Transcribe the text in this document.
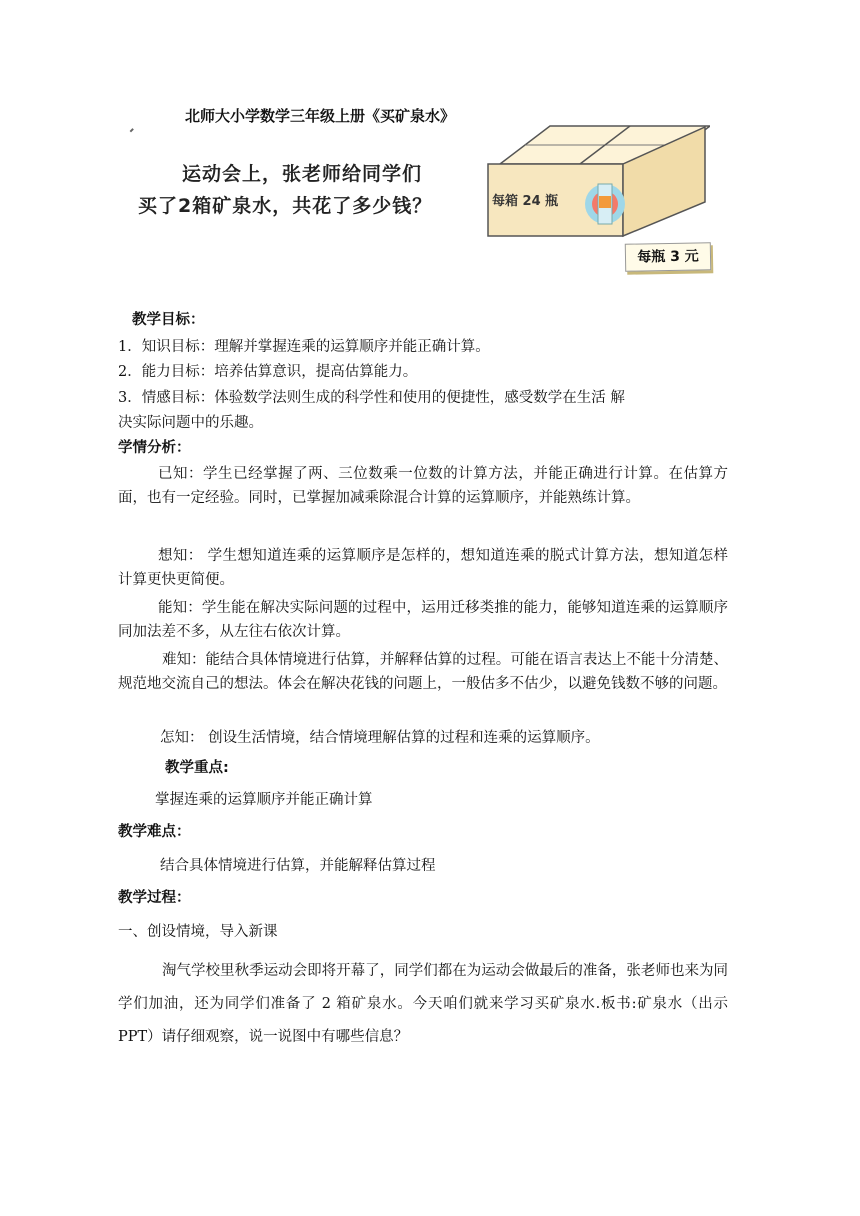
北师大小学数学三年级上册《买矿泉水》
运动会上，张老师给同学们
买了2箱矿泉水，共花了多少钱？	每箱 24 瓶
每瓶 3 元
教学目标：
1．知识目标：理解并掌握连乘的运算顺序并能正确计算。
2．能力目标：培养估算意识，提高估算能力。
3．情感目标：体验数学法则生成的科学性和使用的便捷性，感受数学在生活 解
决实际问题中的乐趣。
学情分析：
已知：学生已经掌握了两、三位数乘一位数的计算方法，并能正确进行计算。在估算方面，也有一定经验。同时，已掌握加减乘除混合计算的运算顺序，并能熟练计算。
想知： 学生想知道连乘的运算顺序是怎样的，想知道连乘的脱式计算方法，想知道怎样计算更快更简便。
能知：学生能在解决实际问题的过程中，运用迁移类推的能力，能够知道连乘的运算顺序同加法差不多，从左往右依次计算。
难知：能结合具体情境进行估算，并解释估算的过程。可能在语言表达上不能十分清楚、规范地交流自己的想法。体会在解决花钱的问题上，一般估多不估少，以避免钱数不够的问题。
怎知： 创设生活情境，结合情境理解估算的过程和连乘的运算顺序。
教学重点:
掌握连乘的运算顺序并能正确计算
教学难点：
结合具体情境进行估算，并能解释估算过程
教学过程：
一、创设情境，导入新课
淘气学校里秋季运动会即将开幕了，同学们都在为运动会做最后的准备，张老师也来为同学们加油，还为同学们准备了 2 箱矿泉水。今天咱们就来学习买矿泉水.板书:矿泉水（出示 PPT）请仔细观察，说一说图中有哪些信息？
